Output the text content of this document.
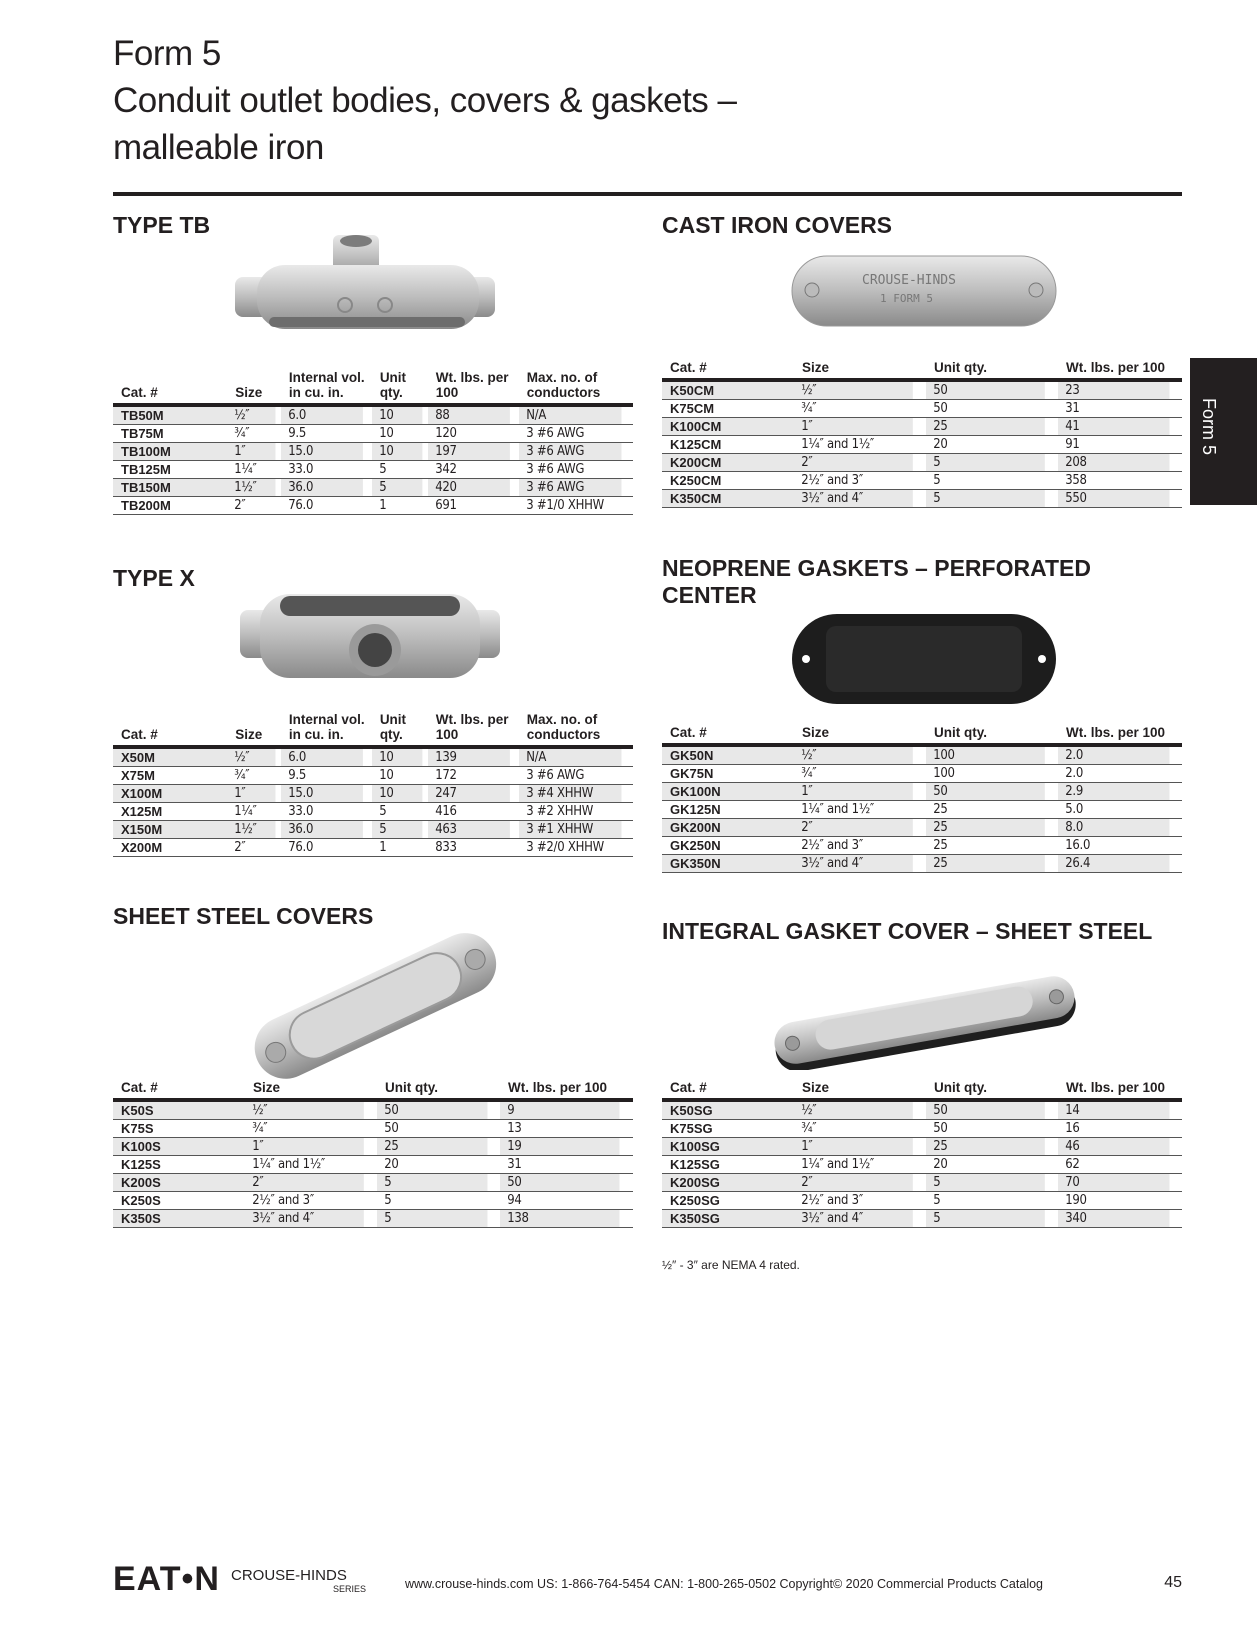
Form 5
Conduit outlet bodies, covers & gaskets –
malleable iron
Form 5
TYPE TB
Cat. #	Size	Internal vol. in cu. in.	Unit qty.	Wt. lbs. per 100	Max. no. of conductors
TB50M	½″	6.0	10	88	N/A
TB75M	¾″	9.5	10	120	3 #6 AWG
TB100M	1″	15.0	10	197	3 #6 AWG
TB125M	1¼″	33.0	5	342	3 #6 AWG
TB150M	1½″	36.0	5	420	3 #6 AWG
TB200M	2″	76.0	1	691	3 #1/0 XHHW
TYPE X
Cat. #	Size	Internal vol. in cu. in.	Unit qty.	Wt. lbs. per 100	Max. no. of conductors
X50M	½″	6.0	10	139	N/A
X75M	¾″	9.5	10	172	3 #6 AWG
X100M	1″	15.0	10	247	3 #4 XHHW
X125M	1¼″	33.0	5	416	3 #2 XHHW
X150M	1½″	36.0	5	463	3 #1 XHHW
X200M	2″	76.0	1	833	3 #2/0 XHHW
SHEET STEEL COVERS
Cat. #	Size	Unit qty.	Wt. lbs. per 100
K50S	½″	50	9
K75S	¾″	50	13
K100S	1″	25	19
K125S	1¼″ and 1½″	20	31
K200S	2″	5	50
K250S	2½″ and 3″	5	94
K350S	3½″ and 4″	5	138
CAST IRON COVERS
CROUSE-HINDS
1 FORM 5
Cat. #	Size	Unit qty.	Wt. lbs. per 100
K50CM	½″	50	23
K75CM	¾″	50	31
K100CM	1″	25	41
K125CM	1¼″ and 1½″	20	91
K200CM	2″	5	208
K250CM	2½″ and 3″	5	358
K350CM	3½″ and 4″	5	550
NEOPRENE GASKETS – PERFORATED
CENTER
Cat. #	Size	Unit qty.	Wt. lbs. per 100
GK50N	½″	100	2.0
GK75N	¾″	100	2.0
GK100N	1″	50	2.9
GK125N	1¼″ and 1½″	25	5.0
GK200N	2″	25	8.0
GK250N	2½″ and 3″	25	16.0
GK350N	3½″ and 4″	25	26.4
INTEGRAL GASKET COVER – SHEET STEEL
Cat. #	Size	Unit qty.	Wt. lbs. per 100
K50SG	½″	50	14
K75SG	¾″	50	16
K100SG	1″	25	46
K125SG	1¼″ and 1½″	20	62
K200SG	2″	5	70
K250SG	2½″ and 3″	5	190
K350SG	3½″ and 4″	5	340
½″ - 3″ are NEMA 4 rated.
EAT•N CROUSE-HINDS
SERIES	www.crouse-hinds.com US: 1-866-764-5454 CAN: 1-800-265-0502 Copyright© 2020 Commercial Products Catalog	45
